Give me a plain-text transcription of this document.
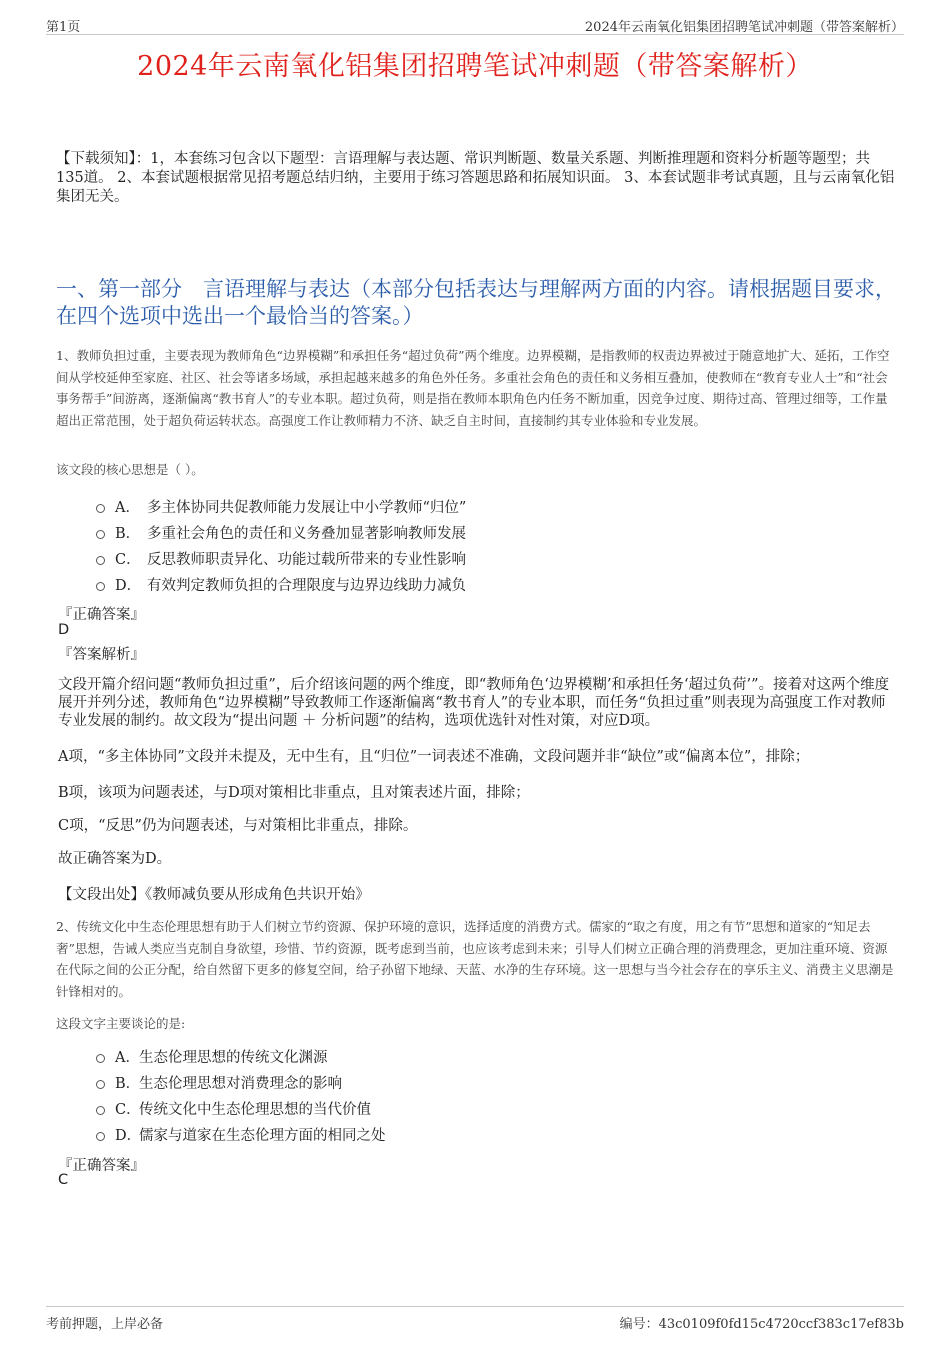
第1页	2024年云南氧化铝集团招聘笔试冲刺题（带答案解析）
2024年云南氧化铝集团招聘笔试冲刺题（带答案解析）
【下载须知】：1，本套练习包含以下题型：言语理解与表达题、常识判断题、数量关系题、判断推理题和资料分析题等题型；共135道。 2、本套试题根据常见招考题总结归纳，主要用于练习答题思路和拓展知识面。 3、本套试题非考试真题，且与云南氧化铝集团无关。
一、第一部分　言语理解与表达（本部分包括表达与理解两方面的内容。请根据题目要求，在四个选项中选出一个最恰当的答案。）
1、教师负担过重，主要表现为教师角色“边界模糊”和承担任务“超过负荷”两个维度。边界模糊，是指教师的权责边界被过于随意地扩大、延拓，工作空间从学校延伸至家庭、社区、社会等诸多场域，承担起越来越多的角色外任务。多重社会角色的责任和义务相互叠加，使教师在“教育专业人士”和“社会事务帮手”间游离，逐渐偏离“教书育人”的专业本职。超过负荷，则是指在教师本职角色内任务不断加重，因竞争过度、期待过高、管理过细等，工作量超出正常范围，处于超负荷运转状态。高强度工作让教师精力不济、缺乏自主时间，直接制约其专业体验和专业发展。
该文段的核心思想是（ ）。
A． 多主体协同共促教师能力发展让中小学教师“归位”
B． 多重社会角色的责任和义务叠加显著影响教师发展
C． 反思教师职责异化、功能过载所带来的专业性影响
D． 有效判定教师负担的合理限度与边界边线助力减负
『正确答案』
D
『答案解析』
文段开篇介绍问题“教师负担过重”，后介绍该问题的两个维度，即“教师角色‘边界模糊’和承担任务‘超过负荷’”。接着对这两个维度展开并列分述，教师角色“边界模糊”导致教师工作逐渐偏离“教书育人”的专业本职，而任务“负担过重”则表现为高强度工作对教师专业发展的制约。故文段为“提出问题 ＋ 分析问题”的结构，选项优选针对性对策，对应D项。
A项，“多主体协同”文段并未提及，无中生有，且“归位”一词表述不准确，文段问题并非“缺位”或“偏离本位”，排除；
B项，该项为问题表述，与D项对策相比非重点，且对策表述片面，排除；
C项，“反思”仍为问题表述，与对策相比非重点，排除。
故正确答案为D。
【文段出处】《教师减负要从形成角色共识开始》
2、传统文化中生态伦理思想有助于人们树立节约资源、保护环境的意识，选择适度的消费方式。儒家的“取之有度，用之有节”思想和道家的“知足去奢”思想，告诫人类应当克制自身欲望，珍惜、节约资源，既考虑到当前，也应该考虑到未来；引导人们树立正确合理的消费理念，更加注重环境、资源在代际之间的公正分配，给自然留下更多的修复空间，给子孙留下地绿、天蓝、水净的生存环境。这一思想与当今社会存在的享乐主义、消费主义思潮是针锋相对的。
这段文字主要谈论的是:
A． 生态伦理思想的传统文化渊源
B．
生态伦理思想对消费理念的影响
C．
传统文化中生态伦理思想的当代价值
D．
儒家与道家在生态伦理方面的相同之处
『正确答案』
C
考前押题，上岸必备	编号：43c0109f0fd15c4720ccf383c17ef83b
